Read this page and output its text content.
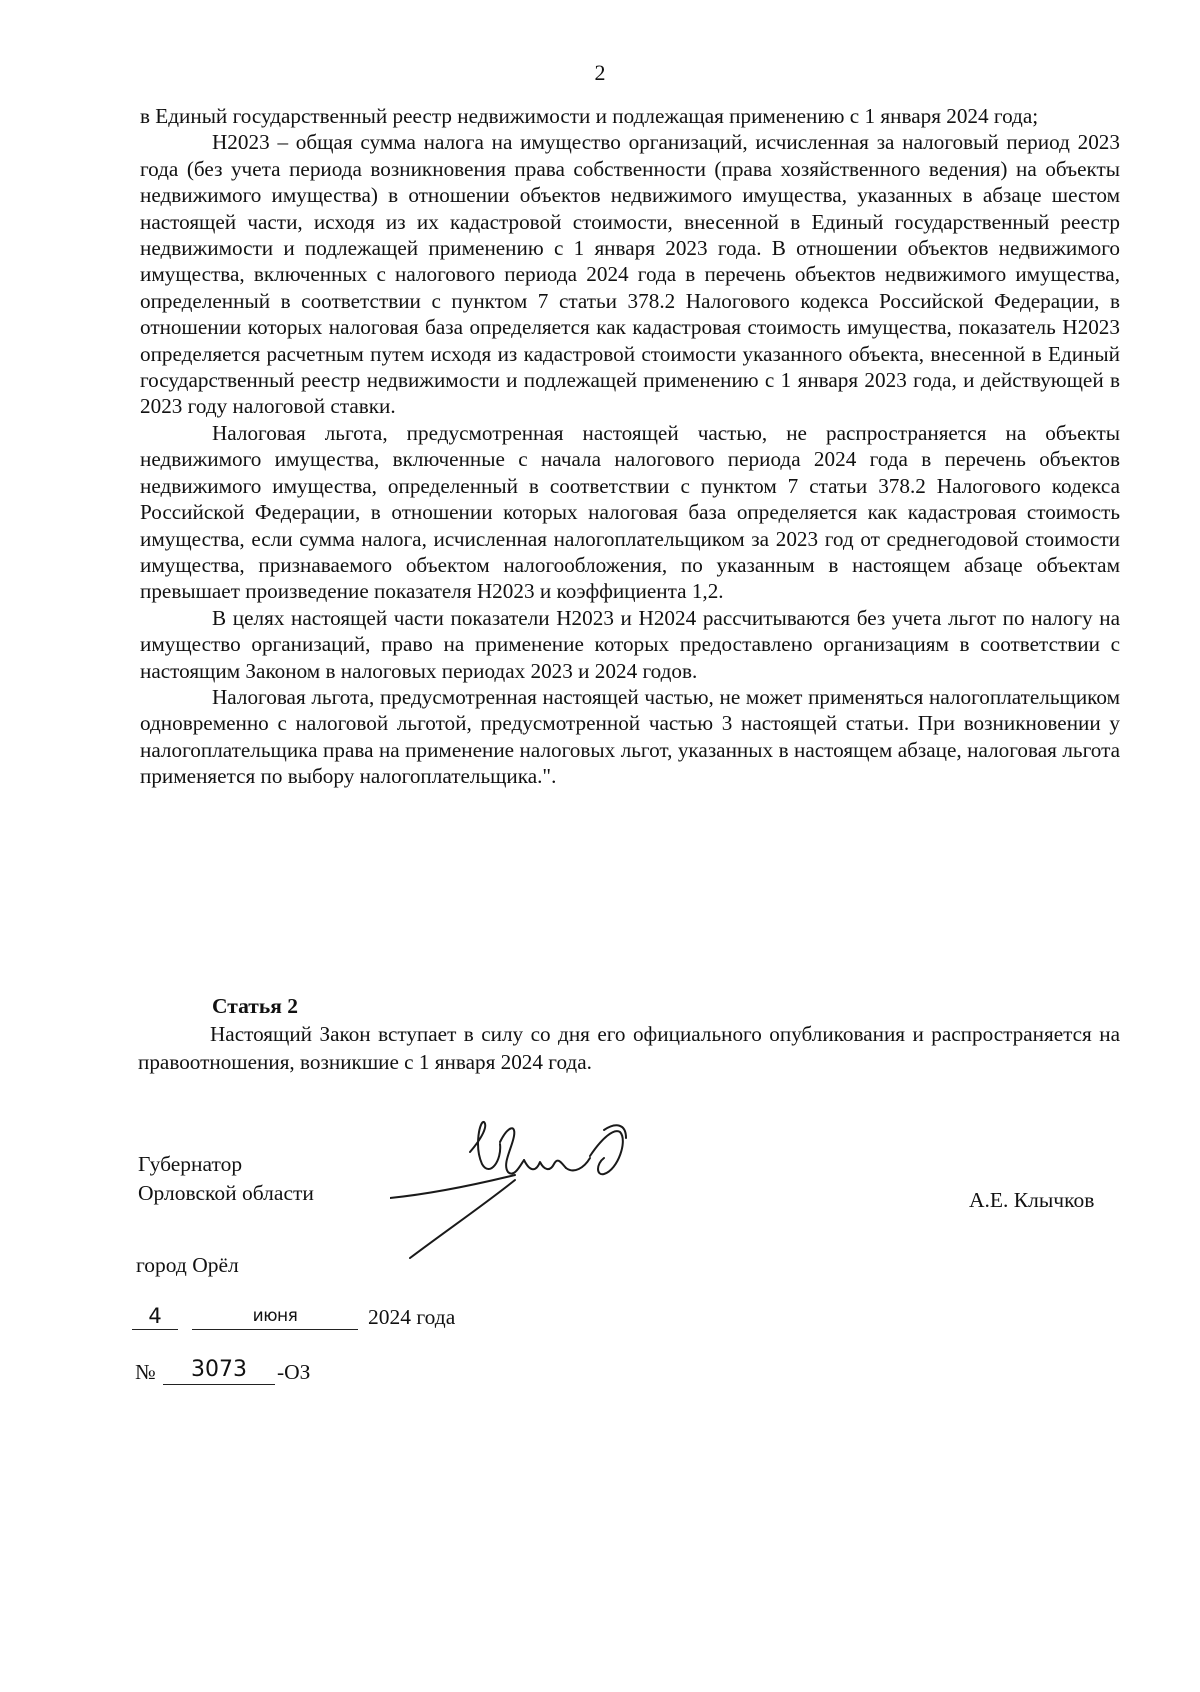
2

в Единый государственный реестр недвижимости и подлежащая применению с 1 января 2024 года;

Н2023 – общая сумма налога на имущество организаций, исчисленная за налоговый период 2023 года (без учета периода возникновения права собственности (права хозяйственного ведения) на объекты недвижимого имущества) в отношении объектов недвижимого имущества, указанных в абзаце шестом настоящей части, исходя из их кадастровой стоимости, внесенной в Единый государственный реестр недвижимости и подлежащей применению с 1 января 2023 года. В отношении объектов недвижимого имущества, включенных с налогового периода 2024 года в перечень объектов недвижимого имущества, определенный в соответствии с пунктом 7 статьи 378.2 Налогового кодекса Российской Федерации, в отношении которых налоговая база определяется как кадастровая стоимость имущества, показатель Н2023 определяется расчетным путем исходя из кадастровой стоимости указанного объекта, внесенной в Единый государственный реестр недвижимости и подлежащей применению с 1 января 2023 года, и действующей в 2023 году налоговой ставки.

Налоговая льгота, предусмотренная настоящей частью, не распространяется на объекты недвижимого имущества, включенные с начала налогового периода 2024 года в перечень объектов недвижимого имущества, определенный в соответствии с пунктом 7 статьи 378.2 Налогового кодекса Российской Федерации, в отношении которых налоговая база определяется как кадастровая стоимость имущества, если сумма налога, исчисленная налогоплательщиком за 2023 год от среднегодовой стоимости имущества, признаваемого объектом налогообложения, по указанным в настоящем абзаце объектам превышает произведение показателя Н2023 и коэффициента 1,2.

В целях настоящей части показатели Н2023 и Н2024 рассчитываются без учета льгот по налогу на имущество организаций, право на применение которых предоставлено организациям в соответствии с настоящим Законом в налоговых периодах 2023 и 2024 годов.

Налоговая льгота, предусмотренная настоящей частью, не может применяться налогоплательщиком одновременно с налоговой льготой, предусмотренной частью 3 настоящей статьи. При возникновении у налогоплательщика права на применение налоговых льгот, указанных в настоящем абзаце, налоговая льгота применяется по выбору налогоплательщика.".

Статья 2

Настоящий Закон вступает в силу со дня его официального опубликования и распространяется на правоотношения, возникшие с 1 января 2024 года.

Губернатор
Орловской области	А.Е. Клычков
город Орёл
4	июня	2024 года
№	3073	-ОЗ
